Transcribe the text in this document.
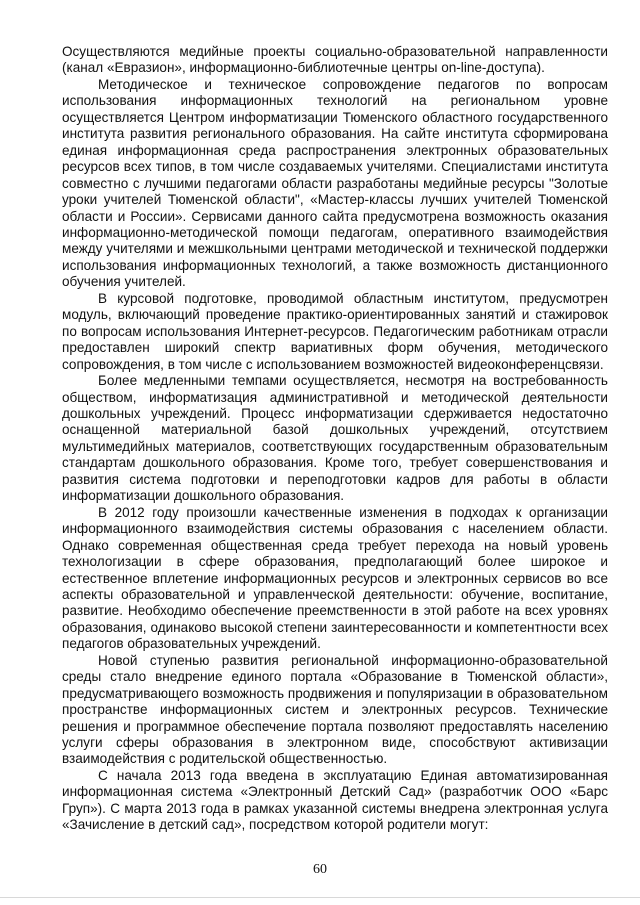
Осуществляются медийные проекты социально-образовательной направленности (канал «Евразион», информационно-библиотечные центры on-line-доступа).

Методическое и техническое сопровождение педагогов по вопросам использования информационных технологий на региональном уровне осуществляется Центром информатизации Тюменского областного государственного института развития регионального образования. На сайте института сформирована единая информационная среда распространения электронных образовательных ресурсов всех типов, в том числе создаваемых учителями. Специалистами института совместно с лучшими педагогами области разработаны медийные ресурсы "Золотые уроки учителей Тюменской области", «Мастер-классы лучших учителей Тюменской области и России». Сервисами данного сайта предусмотрена возможность оказания информационно-методической помощи педагогам, оперативного взаимодействия между учителями и межшкольными центрами методической и технической поддержки использования информационных технологий, а также возможность дистанционного обучения учителей.

В курсовой подготовке, проводимой областным институтом, предусмотрен модуль, включающий проведение практико-ориентированных занятий и стажировок по вопросам использования Интернет-ресурсов. Педагогическим работникам отрасли предоставлен широкий спектр вариативных форм обучения, методического сопровождения, в том числе с использованием возможностей видеоконференцсвязи.

Более медленными темпами осуществляется, несмотря на востребованность обществом, информатизация административной и методической деятельности дошкольных учреждений. Процесс информатизации сдерживается недостаточно оснащенной материальной базой дошкольных учреждений, отсутствием мультимедийных материалов, соответствующих государственным образовательным стандартам дошкольного образования. Кроме того, требует совершенствования и развития система подготовки и переподготовки кадров для работы в области информатизации дошкольного образования.

В 2012 году произошли качественные изменения в подходах к организации информационного взаимодействия системы образования с населением области. Однако современная общественная среда требует перехода на новый уровень технологизации в сфере образования, предполагающий более широкое и естественное вплетение информационных ресурсов и электронных сервисов во все аспекты образовательной и управленческой деятельности: обучение, воспитание, развитие. Необходимо обеспечение преемственности в этой работе на всех уровнях образования, одинаково высокой степени заинтересованности и компетентности всех педагогов образовательных учреждений.

Новой ступенью развития региональной информационно-образовательной среды стало внедрение единого портала «Образование в Тюменской области», предусматривающего возможность продвижения и популяризации в образовательном пространстве информационных систем и электронных ресурсов. Технические решения и программное обеспечение портала позволяют предоставлять населению услуги сферы образования в электронном виде, способствуют активизации взаимодействия с родительской общественностью.

С начала 2013 года введена в эксплуатацию Единая автоматизированная информационная система «Электронный Детский Сад» (разработчик ООО «Барс Груп»). С марта 2013 года в рамках указанной системы внедрена электронная услуга «Зачисление в детский сад», посредством которой родители могут:

60
